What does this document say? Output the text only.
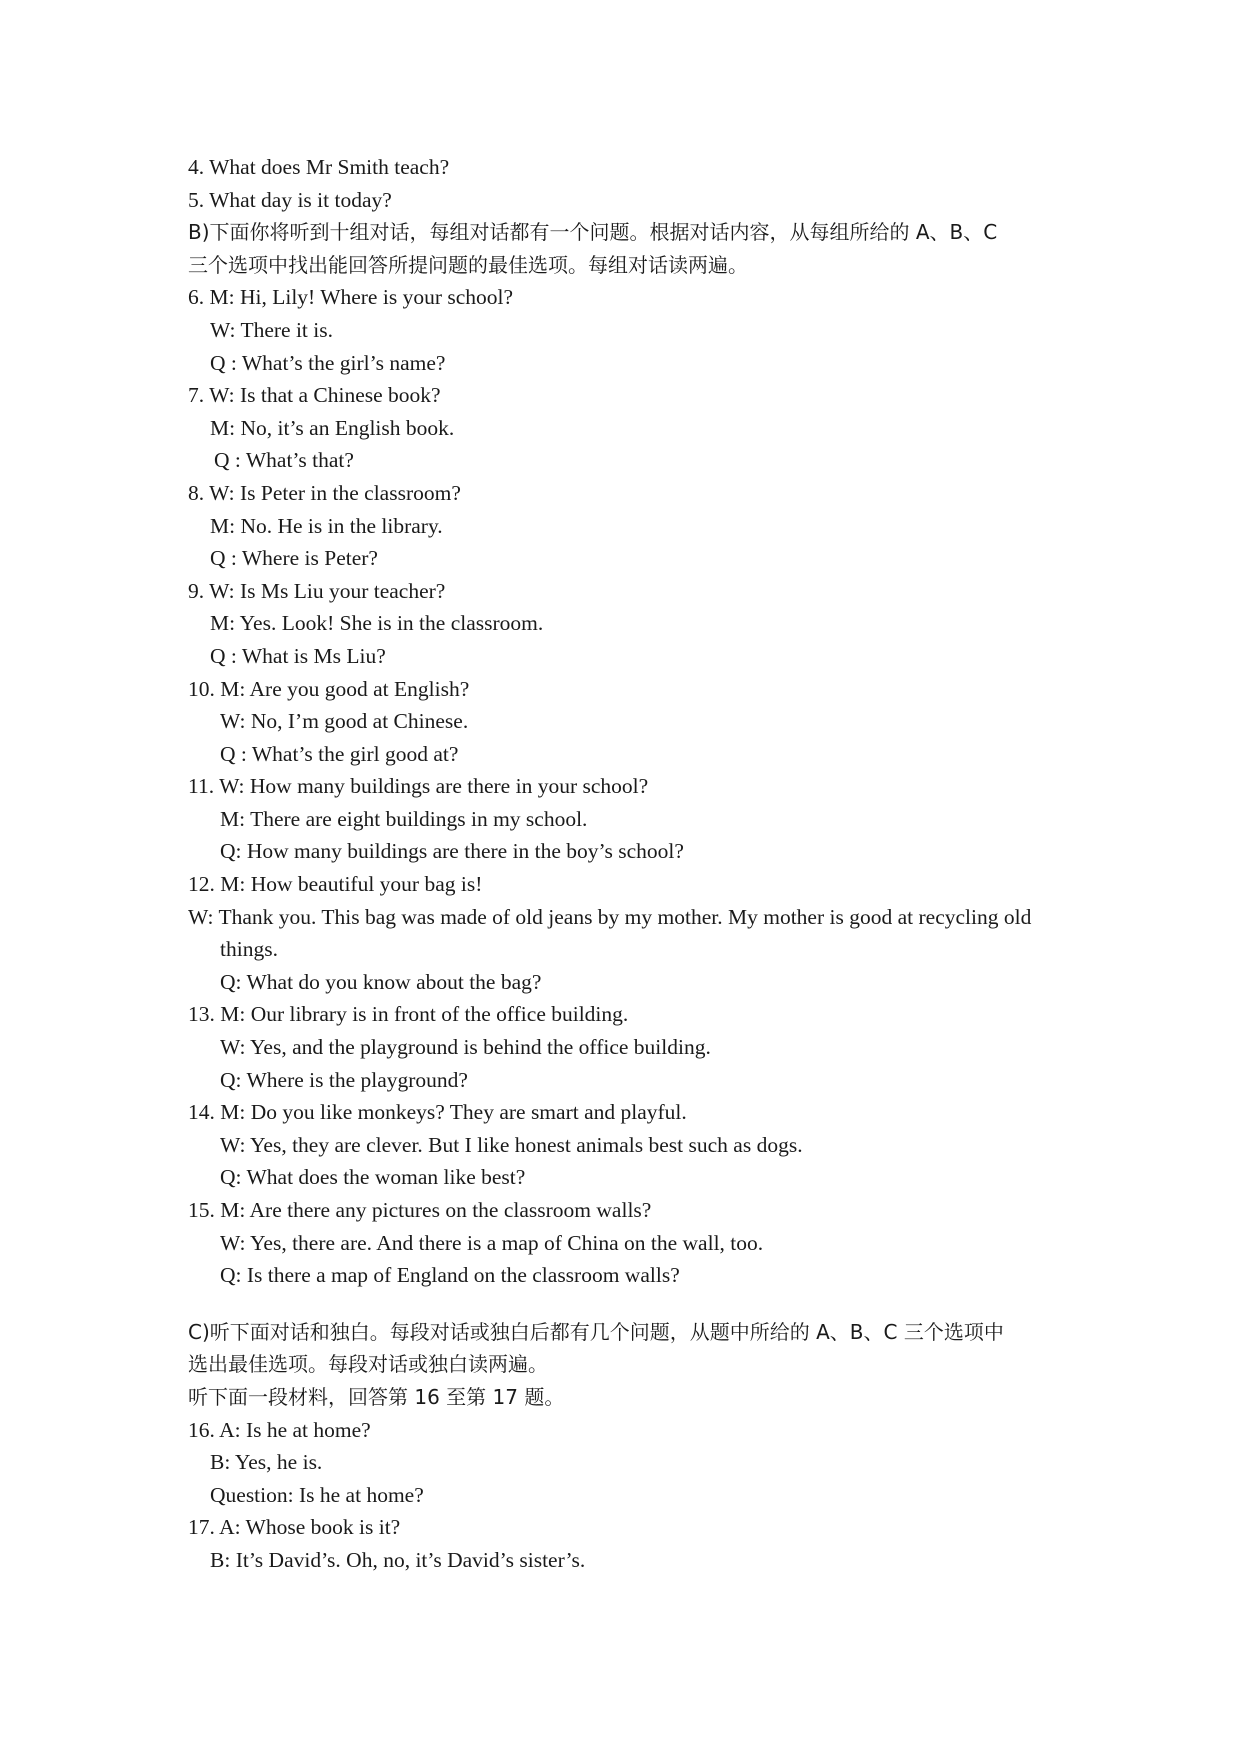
4. What does Mr Smith teach?
5. What day is it today?
B)下面你将听到十组对话，每组对话都有一个问题。根据对话内容，从每组所给的 A、B、C
三个选项中找出能回答所提问题的最佳选项。每组对话读两遍。
6. M: Hi, Lily! Where is your school?
W: There it is.
Q : What’s the girl’s name?
7. W: Is that a Chinese book?
M: No, it’s an English book.
Q : What’s that?
8. W: Is Peter in the classroom?
M: No. He is in the library.
Q : Where is Peter?
9. W: Is Ms Liu your teacher?
M: Yes. Look! She is in the classroom.
Q : What is Ms Liu?
10. M: Are you good at English?
W: No, I’m good at Chinese.
Q : What’s the girl good at?
11. W: How many buildings are there in your school?
M: There are eight buildings in my school.
Q: How many buildings are there in the boy’s school?
12. M: How beautiful your bag is!
W: Thank you. This bag was made of old jeans by my mother. My mother is good at recycling old things.
Q: What do you know about the bag?
13. M: Our library is in front of the office building.
W: Yes, and the playground is behind the office building.
Q: Where is the playground?
14. M: Do you like monkeys? They are smart and playful.
W: Yes, they are clever. But I like honest animals best such as dogs.
Q: What does the woman like best?
15. M: Are there any pictures on the classroom walls?
W: Yes, there are. And there is a map of China on the wall, too.
Q: Is there a map of England on the classroom walls?
C)听下面对话和独白。每段对话或独白后都有几个问题，从题中所给的 A、B、C 三个选项中
选出最佳选项。每段对话或独白读两遍。
听下面一段材料，回答第 16 至第 17 题。
16. A: Is he at home?
B: Yes, he is.
Question: Is he at home?
17. A: Whose book is it?
B: It’s David’s. Oh, no, it’s David’s sister’s.
